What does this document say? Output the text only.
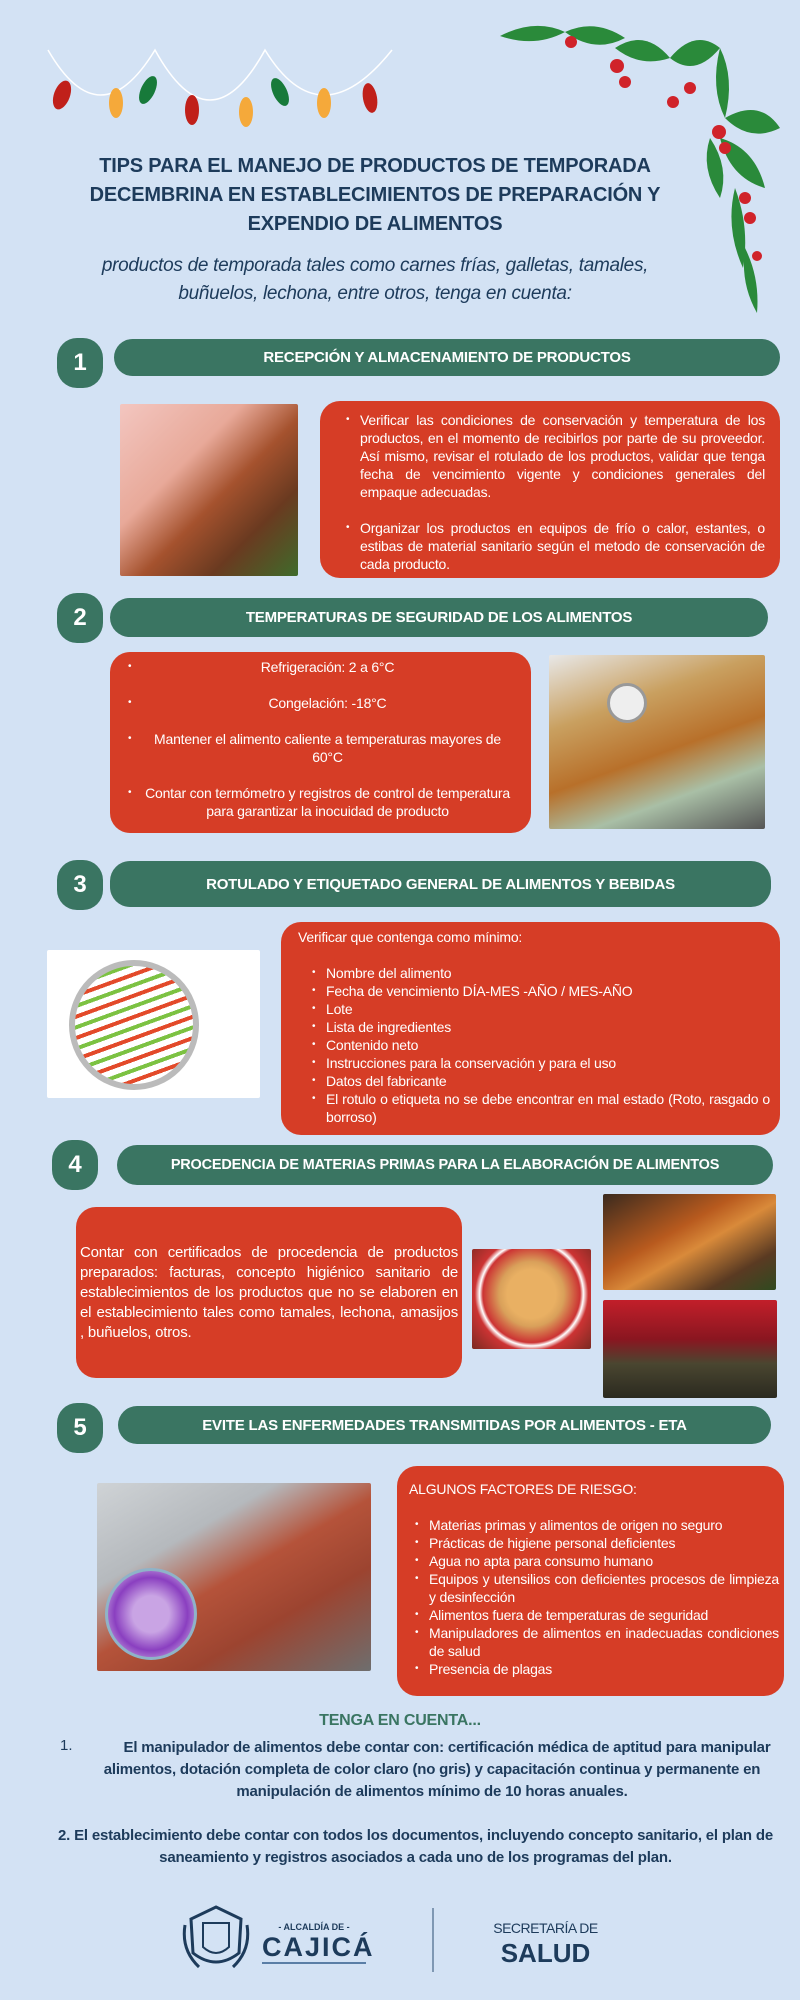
TIPS PARA EL MANEJO DE PRODUCTOS DE TEMPORADA
DECEMBRINA EN ESTABLECIMIENTOS DE PREPARACIÓN Y
EXPENDIO DE ALIMENTOS
productos de temporada tales como carnes frías, galletas, tamales,
buñuelos, lechona, entre otros, tenga en cuenta:
1	RECEPCIÓN Y ALMACENAMIENTO DE PRODUCTOS
• Verificar las condiciones de conservación y temperatura de los productos, en el momento de recibirlos por parte de su proveedor. Así mismo, revisar el rotulado de los productos, validar que tenga fecha de vencimiento vigente y condiciones generales del empaque adecuadas.
• Organizar los productos en equipos de frío o calor, estantes, o estibas de material sanitario según el metodo de conservación de cada producto.
2	TEMPERATURAS DE SEGURIDAD DE LOS ALIMENTOS
• Refrigeración: 2 a 6°C
• Congelación: -18°C
• Mantener el alimento caliente a temperaturas mayores de 60°C
• Contar con termómetro y registros de control de temperatura para garantizar la inocuidad de producto
3	ROTULADO Y ETIQUETADO GENERAL DE ALIMENTOS Y BEBIDAS
Verificar que contenga como mínimo:
• Nombre del alimento
• Fecha de vencimiento DÍA-MES -AÑO / MES-AÑO
• Lote
• Lista de ingredientes
• Contenido neto
• Instrucciones para la conservación y para el uso
• Datos del fabricante
• El rotulo o etiqueta no se debe encontrar en mal estado (Roto, rasgado o borroso)
4	PROCEDENCIA DE MATERIAS PRIMAS PARA LA ELABORACIÓN DE ALIMENTOS
Contar con certificados de procedencia de productos preparados: facturas, concepto higiénico sanitario de establecimientos de los productos que no se elaboren en el establecimiento tales como tamales, lechona, amasijos , buñuelos, otros.
5	EVITE LAS ENFERMEDADES TRANSMITIDAS POR ALIMENTOS - ETA
ALGUNOS FACTORES DE RIESGO:
• Materias primas y alimentos de origen no seguro
• Prácticas de higiene personal deficientes
• Agua no apta para consumo humano
• Equipos y utensilios con deficientes procesos de limpieza y desinfección
• Alimentos fuera de temperaturas de seguridad
• Manipuladores de alimentos en inadecuadas condiciones de salud
• Presencia de plagas
TENGA EN CUENTA...
1.	El manipulador de alimentos debe contar con: certificación médica de aptitud para manipular alimentos, dotación completa de color claro (no gris) y capacitación continua y permanente en manipulación de alimentos mínimo de 10 horas anuales.
2. El establecimiento debe contar con todos los documentos, incluyendo concepto sanitario, el plan de saneamiento y registros asociados a cada uno de los programas del plan.
- ALCALDÍA DE -
CAJICÁ
SECRETARÍA DE
SALUD
